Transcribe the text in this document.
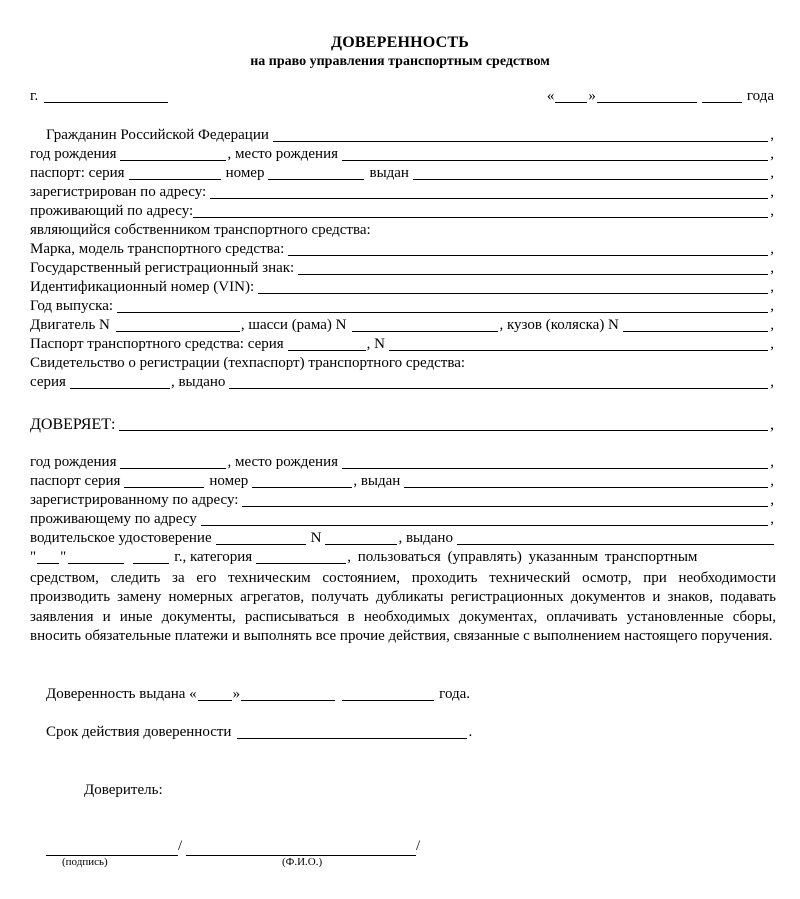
ДОВЕРЕННОСТЬ
на право управления транспортным средством
г.	« »	года
Гражданин Российской Федерации	,
год рождения	, место рождения	,
паспорт: серия	номер	выдан	,
зарегистрирован по адресу:	,
проживающий по адресу:	,
являющийся собственником транспортного средства:
Марка, модель транспортного средства:	,
Государственный регистрационный знак:	,
Идентификационный номер (VIN):	,
Год выпуска:	,
Двигатель N	, шасси (рама) N	, кузов (коляска) N	,
Паспорт транспортного средства: серия	, N	,
Свидетельство о регистрации (техпаспорт) транспортного средства:
серия	, выдано	,
ДОВЕРЯЕТ:	,
год рождения	, место рождения	,
паспорт серия	номер	, выдан	,
зарегистрированному по адресу:	,
проживающему по адресу	,
водительское удостоверение	N	, выдано
" "	г., категория	, пользоваться (управлять) указанным транспортным
средством, следить за его техническим состоянием, проходить технический осмотр, при необходимости производить замену номерных агрегатов, получать дубликаты регистрационных документов и знаков, подавать заявления и иные документы, расписываться в необходимых документах, оплачивать установленные сборы, вносить обязательные платежи и выполнять все прочие действия, связанные с выполнением настоящего поручения.
Доверенность выдана « »	года.
Срок действия доверенности	.
Доверитель:
/	/
(подпись)	(Ф.И.О.)
